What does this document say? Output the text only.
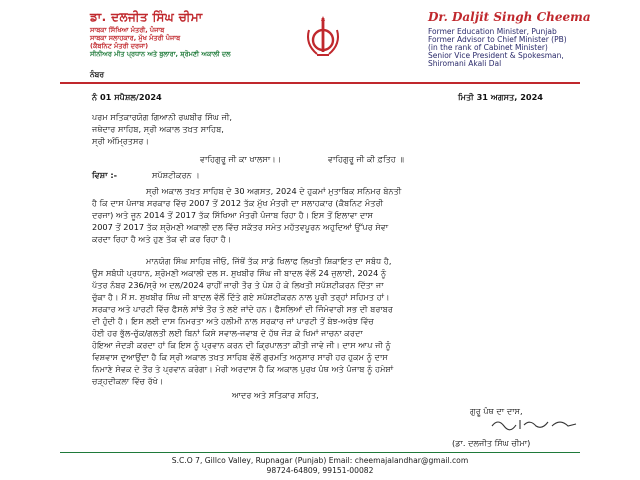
ਡਾ. ਦਲਜੀਤ ਸਿੰਘ ਚੀਮਾ
ਸਾਬਕਾ ਸਿੱਖਿਆ ਮੰਤਰੀ, ਪੰਜਾਬ
ਸਾਬਕਾ ਸਲਾਹਕਾਰ, ਮੁੱਖ ਮੰਤਰੀ ਪੰਜਾਬ
(ਕੈਬਨਿਟ ਮੰਤਰੀ ਦਰਜਾ)
ਸੀਨੀਅਰ ਮੀਤ ਪ੍ਰਧਾਨ ਅਤੇ ਬੁਲਾਰਾ, ਸ਼੍ਰੋਮਣੀ ਅਕਾਲੀ ਦਲ
Dr. Daljit Singh Cheema
Former Education Minister, Punjab
Former Advisor to Chief Minister (PB)
(in the rank of Cabinet Minister)
Senior Vice President & Spokesman,
Shiromani Akali Dal
ਨੰਬਰ
ਨੰ 01 ਸਪੈਸ਼ਲ/2024	ਮਿਤੀ 31 ਅਗਸਤ, 2024
ਪਰਮ ਸਤਿਕਾਰਯੋਗ ਗਿਆਨੀ ਰਘਬੀਰ ਸਿੰਘ ਜੀ,
ਜਥੇਦਾਰ ਸਾਹਿਬ, ਸ੍ਰੀ ਅਕਾਲ ਤਖ਼ਤ ਸਾਹਿਬ,
ਸ੍ਰੀ ਅੰਮ੍ਰਿਤਸਰ।
ਵਾਹਿਗੁਰੂ ਜੀ ਕਾ ਖਾਲਸਾ।।	ਵਾਹਿਗੁਰੂ ਜੀ ਕੀ ਫ਼ਤਿਹ ॥
ਵਿਸ਼ਾ :-	ਸਪੱਸ਼ਟੀਕਰਨ ।
ਸ੍ਰੀ ਅਕਾਲ ਤਖ਼ਤ ਸਾਹਿਬ ਦੇ 30 ਅਗਸਤ, 2024 ਦੇ ਹੁਕਮਾਂ ਮੁਤਾਬਿਕ ਸਨਿਮਰ ਬੇਨਤੀ
ਹੈ ਕਿ ਦਾਸ ਪੰਜਾਬ ਸਰਕਾਰ ਵਿੱਚ 2007 ਤੋਂ 2012 ਤੱਕ ਮੁੱਖ ਮੰਤਰੀ ਦਾ ਸਲਾਹਕਾਰ (ਕੈਬਨਿਟ ਮੰਤਰੀ
ਦਰਜਾ) ਅਤੇ ਜੂਨ 2014 ਤੋਂ 2017 ਤੱਕ ਸਿੱਖਿਆ ਮੰਤਰੀ ਪੰਜਾਬ ਰਿਹਾ ਹੈ। ਇਸ ਤੋਂ ਇਲਾਵਾ ਦਾਸ
2007 ਤੋਂ 2017 ਤੱਕ ਸ਼੍ਰੋਮਣੀ ਅਕਾਲੀ ਦਲ ਵਿੱਚ ਸਕੱਤਰ ਸਮੇਤ ਮਹੱਤਵਪੂਰਨ ਅਹੁਦਿਆਂ ਉੱਪਰ ਸੇਵਾ
ਕਰਦਾ ਰਿਹਾ ਹੈ ਅਤੇ ਹੁਣ ਤੱਕ ਵੀ ਕਰ ਰਿਹਾ ਹੈ।
ਮਾਨਯੋਗ ਸਿੰਘ ਸਾਹਿਬ ਜੀਓ, ਜਿੱਥੋਂ ਤੱਕ ਸਾਡੇ ਖਿਲਾਫ ਲਿਖਤੀ ਸ਼ਿਕਾਇਤ ਦਾ ਸਬੰਧ ਹੈ,
ਉਸ ਸਬੰਧੀ ਪ੍ਰਧਾਨ, ਸ਼੍ਰੋਮਣੀ ਅਕਾਲੀ ਦਲ ਸ. ਸੁਖਬੀਰ ਸਿੰਘ ਜੀ ਬਾਦਲ ਵੱਲੋਂ 24 ਜੁਲਾਈ, 2024 ਨੂੰ
ਪੱਤਰ ਨੰਬਰ 236/ਸ੍ਰੋ ਅ ਦਲ/2024 ਰਾਹੀਂ ਜਾਰੀ ਤੌਰ ਤੇ ਪੇਸ਼ ਹੋ ਕੇ ਲਿਖਤੀ ਸਪੱਸ਼ਟੀਕਰਨ ਦਿੱਤਾ ਜਾ
ਚੁੱਕਾ ਹੈ। ਮੈਂ ਸ. ਸੁਖਬੀਰ ਸਿੰਘ ਜੀ ਬਾਦਲ ਵੱਲੋਂ ਦਿੱਤੇ ਗਏ ਸਪੱਸ਼ਟੀਕਰਨ ਨਾਲ ਪੂਰੀ ਤਰ੍ਹਾਂ ਸਹਿਮਤ ਹਾਂ।
ਸਰਕਾਰ ਅਤੇ ਪਾਰਟੀ ਵਿੱਚ ਫੈਸਲੇ ਸਾਂਝੇ ਤੌਰ ਤੇ ਲਏ ਜਾਂਦੇ ਹਨ। ਫੈਸਲਿਆਂ ਦੀ ਜਿੰਮੇਵਾਰੀ ਸਭ ਦੀ ਬਰਾਬਰ
ਦੀ ਹੁੰਦੀ ਹੈ। ਇਸ ਲਈ ਦਾਸ ਨਿਮਰਤਾ ਅਤੇ ਹਲੀਮੀ ਨਾਲ ਸਰਕਾਰ ਜਾਂ ਪਾਰਟੀ ਤੋਂ ਬੇਝ-ਅਰੇਝ ਵਿੱਚ
ਹੋਈ ਹਰ ਭੁੱਲ-ਚੁੱਕ/ਗਲਤੀ ਲਈ ਬਿਨਾਂ ਕਿਸੇ ਸਵਾਲ-ਜਵਾਬ ਦੇ ਹੱਥ ਜੋੜ ਕੇ ਖਿਮਾਂ ਜਾਚਨਾ ਕਰਦਾ
ਹੋਇਆ ਜੋਦੜੀ ਕਰਦਾ ਹਾਂ ਕਿ ਇਸ ਨੂੰ ਪ੍ਰਵਾਨ ਕਰਨ ਦੀ ਕ੍ਰਿਪਾਲਤਾ ਕੀਤੀ ਜਾਵੇ ਜੀ। ਦਾਸ ਆਪ ਜੀ ਨੂੰ
ਵਿਸ਼ਵਾਸ ਦੁਆਉਂਦਾ ਹੈ ਕਿ ਸ੍ਰੀ ਅਕਾਲ ਤਖ਼ਤ ਸਾਹਿਬ ਵੱਲੋਂ ਗੁਰਮਤਿ ਅਨੁਸਾਰ ਸਾਰੀ ਹਰ ਹੁਕਮ ਨੂੰ ਦਾਸ
ਨਿਮਾਣੇ ਸੇਵਕ ਦੇ ਤੌਰ ਤੇ ਪ੍ਰਵਾਨ ਕਰੇਗਾ। ਮੇਰੀ ਅਰਦਾਸ ਹੈ ਕਿ ਅਕਾਲ ਪੁਰਖ ਪੰਥ ਅਤੇ ਪੰਜਾਬ ਨੂੰ ਹਮੇਸ਼ਾਂ
ਚੜ੍ਹਦੀਕਲਾ ਵਿੱਚ ਰੱਖੇ।
ਆਦਰ ਅਤੇ ਸਤਿਕਾਰ ਸਹਿਤ,
ਗੁਰੂ ਪੰਥ ਦਾ ਦਾਸ,
(ਡਾ. ਦਲਜੀਤ ਸਿੰਘ ਚੀਮਾ)
S.C.O 7, Gillco Valley, Rupnagar (Punjab) Email: cheemajalandhar@gmail.com
98724-64809, 99151-00082
